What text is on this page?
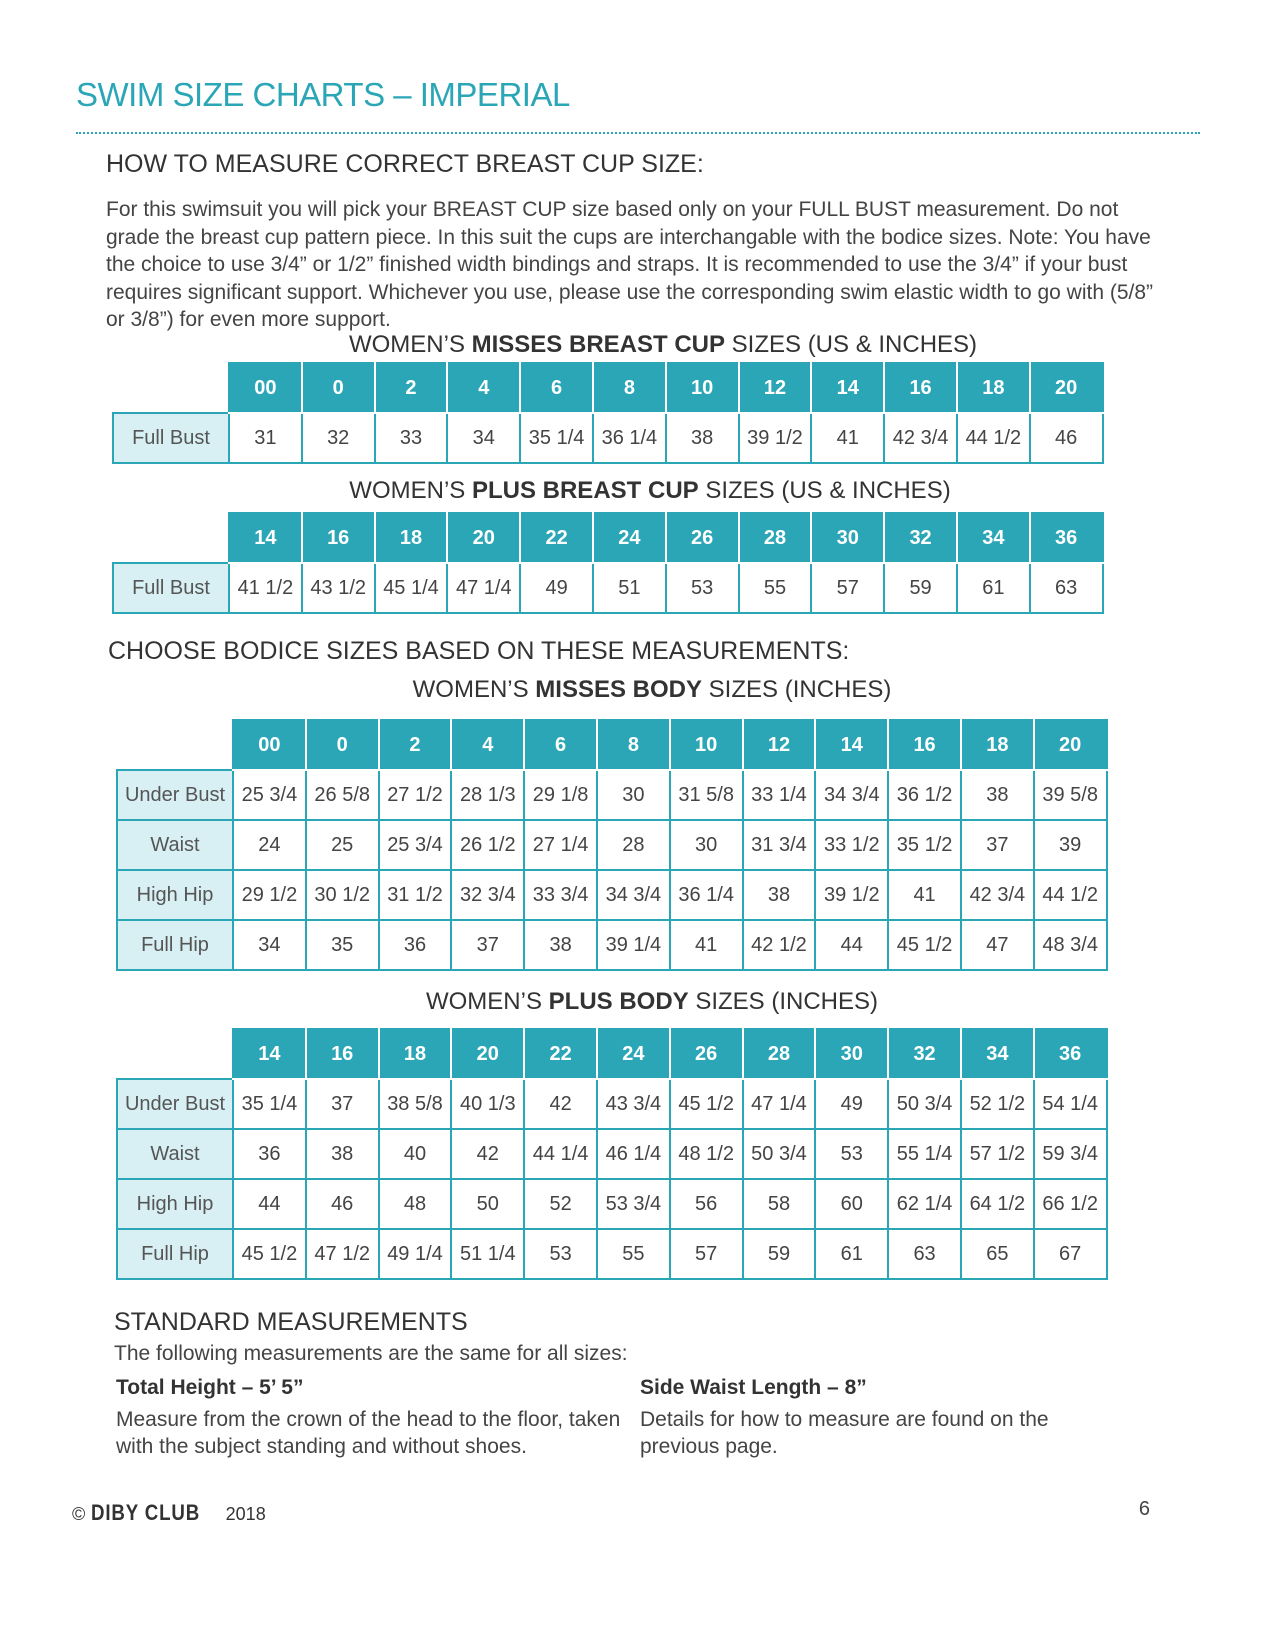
SWIM SIZE CHARTS – IMPERIAL
HOW TO MEASURE CORRECT BREAST CUP SIZE:

For this swimsuit you will pick your BREAST CUP size based only on your FULL BUST measurement. Do not grade the breast cup pattern piece. In this suit the cups are interchangable with the bodice sizes. Note: You have the choice to use 3/4” or 1/2” finished width bindings and straps. It is recommended to use the 3/4” if your bust requires significant support. Whichever you use, please use the corresponding swim elastic width to go with (5/8” or 3/8”) for even more support.

WOMEN’S MISSES BREAST CUP SIZES (US & INCHES)
	00	0	2	4	6	8	10	12	14	16	18	20
Full Bust	31	32	33	34	35 1/4	36 1/4	38	39 1/2	41	42 3/4	44 1/2	46
WOMEN’S PLUS BREAST CUP SIZES (US & INCHES)
	14	16	18	20	22	24	26	28	30	32	34	36
Full Bust	41 1/2	43 1/2	45 1/4	47 1/4	49	51	53	55	57	59	61	63
CHOOSE BODICE SIZES BASED ON THESE MEASUREMENTS:
WOMEN’S MISSES BODY SIZES (INCHES)
	00	0	2	4	6	8	10	12	14	16	18	20
Under Bust	25 3/4	26 5/8	27 1/2	28 1/3	29 1/8	30	31 5/8	33 1/4	34 3/4	36 1/2	38	39 5/8
Waist	24	25	25 3/4	26 1/2	27 1/4	28	30	31 3/4	33 1/2	35 1/2	37	39
High Hip	29 1/2	30 1/2	31 1/2	32 3/4	33 3/4	34 3/4	36 1/4	38	39 1/2	41	42 3/4	44 1/2
Full Hip	34	35	36	37	38	39 1/4	41	42 1/2	44	45 1/2	47	48 3/4
WOMEN’S PLUS BODY SIZES (INCHES)
	14	16	18	20	22	24	26	28	30	32	34	36
Under Bust	35 1/4	37	38 5/8	40 1/3	42	43 3/4	45 1/2	47 1/4	49	50 3/4	52 1/2	54 1/4
Waist	36	38	40	42	44 1/4	46 1/4	48 1/2	50 3/4	53	55 1/4	57 1/2	59 3/4
High Hip	44	46	48	50	52	53 3/4	56	58	60	62 1/4	64 1/2	66 1/2
Full Hip	45 1/2	47 1/2	49 1/4	51 1/4	53	55	57	59	61	63	65	67
STANDARD MEASUREMENTS

The following measurements are the same for all sizes:

Total Height – 5’ 5”

Measure from the crown of the head to the floor, taken with the subject standing and without shoes.

Side Waist Length – 8”

Details for how to measure are found on the previous page.

© DIBY CLUB 2018	6
